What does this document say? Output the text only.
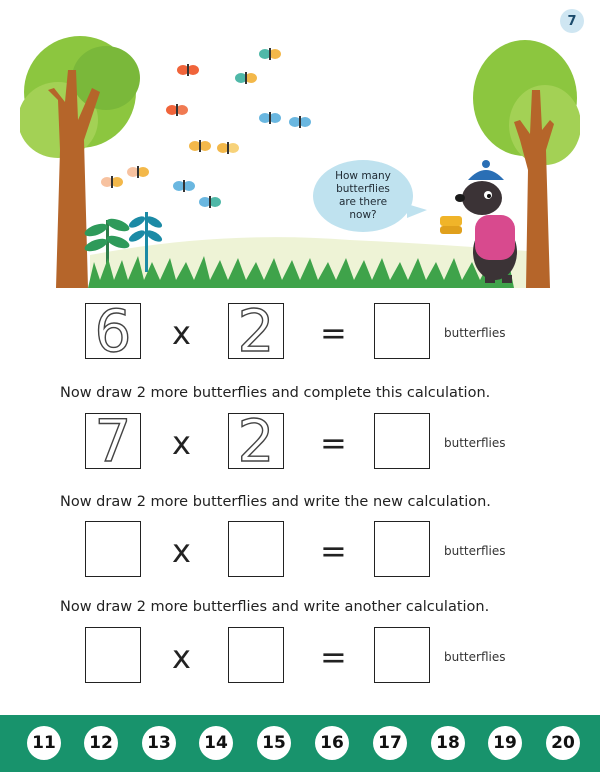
7
How many butterflies are there now?
6 x 2 =	butterflies
Now draw 2 more butterflies and complete this calculation.
7 x 2 =	butterflies
Now draw 2 more butterflies and write the new calculation.
x	=	butterflies
Now draw 2 more butterflies and write another calculation.
x	=	butterflies
11	12	13	14	15	16	17	18	19	20
